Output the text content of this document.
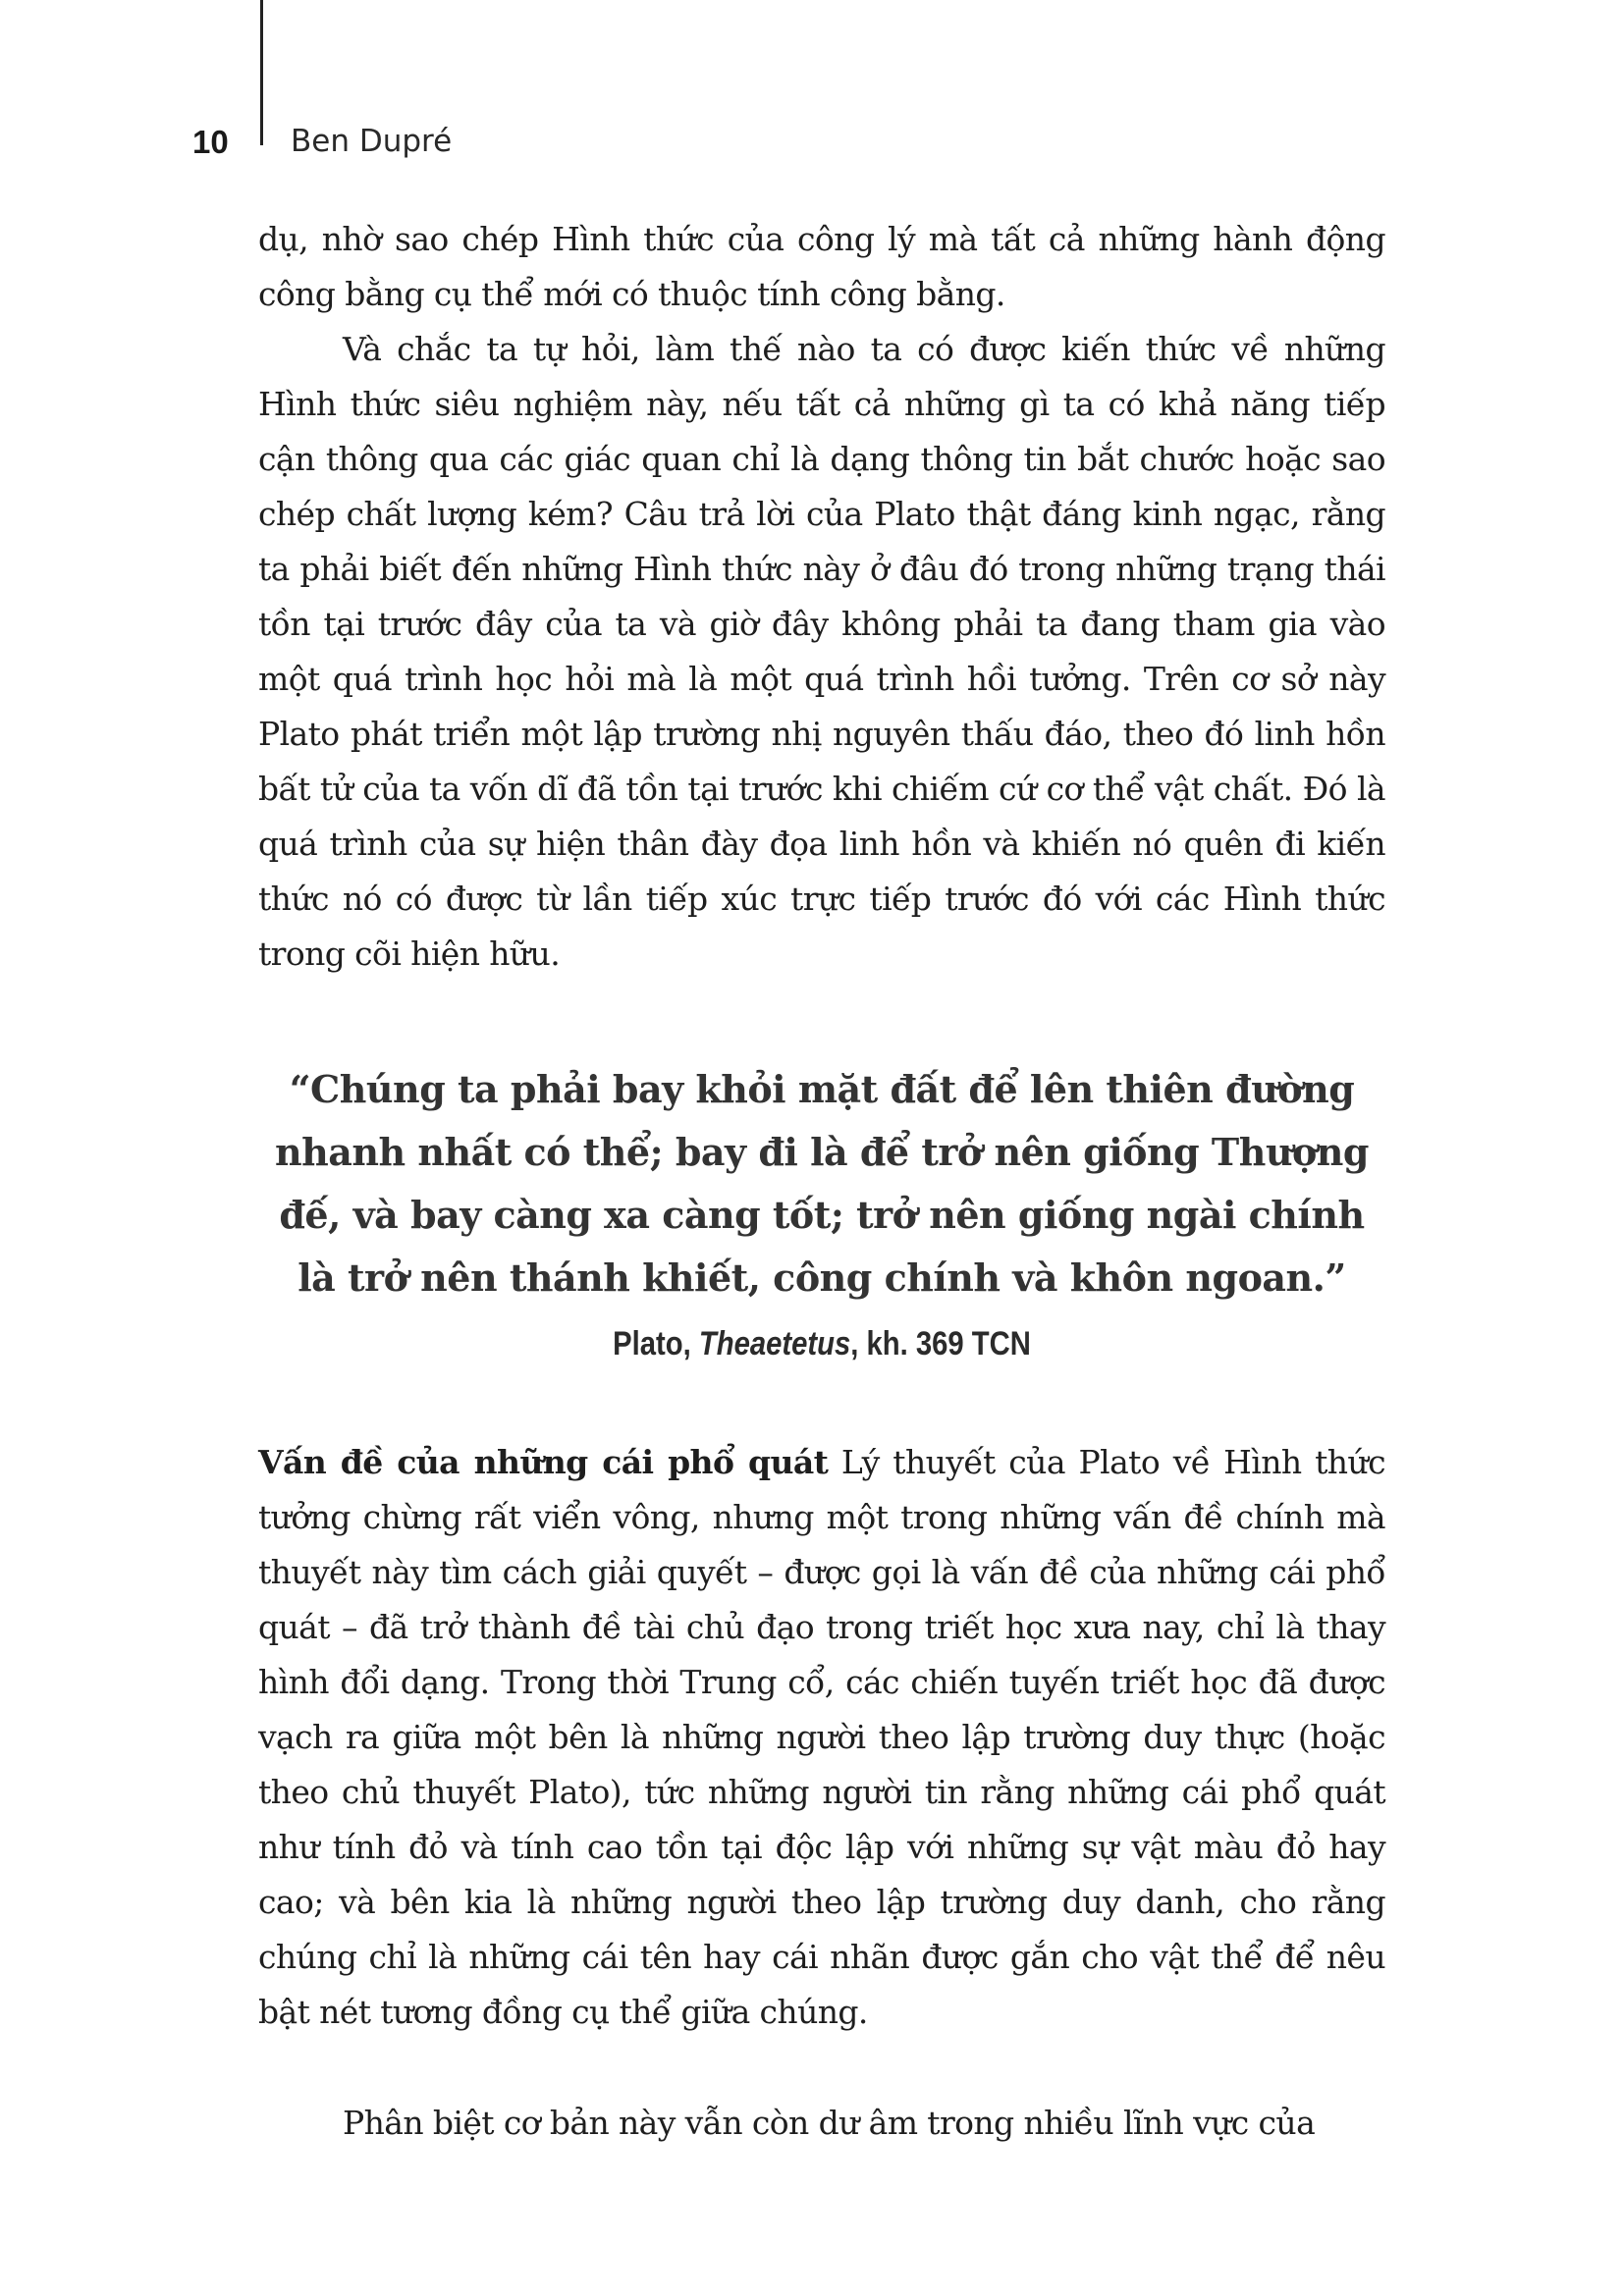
10 Ben Dupré

dụ, nhờ sao chép Hình thức của công lý mà tất cả những hành động công bằng cụ thể mới có thuộc tính công bằng.

Và chắc ta tự hỏi, làm thế nào ta có được kiến thức về những Hình thức siêu nghiệm này, nếu tất cả những gì ta có khả năng tiếp cận thông qua các giác quan chỉ là dạng thông tin bắt chước hoặc sao chép chất lượng kém? Câu trả lời của Plato thật đáng kinh ngạc, rằng ta phải biết đến những Hình thức này ở đâu đó trong những trạng thái tồn tại trước đây của ta và giờ đây không phải ta đang tham gia vào một quá trình học hỏi mà là một quá trình hồi tưởng. Trên cơ sở này Plato phát triển một lập trường nhị nguyên thấu đáo, theo đó linh hồn bất tử của ta vốn dĩ đã tồn tại trước khi chiếm cứ cơ thể vật chất. Đó là quá trình của sự hiện thân đày đọa linh hồn và khiến nó quên đi kiến thức nó có được từ lần tiếp xúc trực tiếp trước đó với các Hình thức trong cõi hiện hữu.

“Chúng ta phải bay khỏi mặt đất để lên thiên đường nhanh nhất có thể; bay đi là để trở nên giống Thượng đế, và bay càng xa càng tốt; trở nên giống ngài chính là trở nên thánh khiết, công chính và khôn ngoan.”

Plato, Theaetetus, kh. 369 TCN

Vấn đề của những cái phổ quát Lý thuyết của Plato về Hình thức tưởng chừng rất viển vông, nhưng một trong những vấn đề chính mà thuyết này tìm cách giải quyết – được gọi là vấn đề của những cái phổ quát – đã trở thành đề tài chủ đạo trong triết học xưa nay, chỉ là thay hình đổi dạng. Trong thời Trung cổ, các chiến tuyến triết học đã được vạch ra giữa một bên là những người theo lập trường duy thực (hoặc theo chủ thuyết Plato), tức những người tin rằng những cái phổ quát như tính đỏ và tính cao tồn tại độc lập với những sự vật màu đỏ hay cao; và bên kia là những người theo lập trường duy danh, cho rằng chúng chỉ là những cái tên hay cái nhãn được gắn cho vật thể để nêu bật nét tương đồng cụ thể giữa chúng.

Phân biệt cơ bản này vẫn còn dư âm trong nhiều lĩnh vực của
